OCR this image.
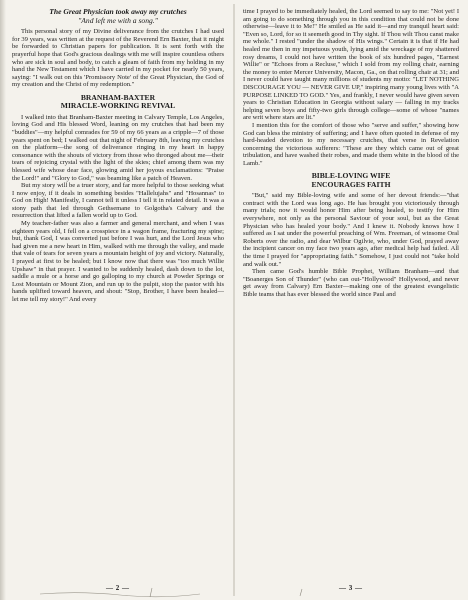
The Great Physician took away my crutches
"And left me with a song."

This personal story of my Divine deliverance from the crutches I had used for 39 years, was written at the request of the Reverend Ern Baxter, that it might be forwarded to Christian papers for publication. It is sent forth with the prayerful hope that God's gracious dealings with me will inspire countless others who are sick in soul and body, to catch a gleam of faith from my holding in my hand the New Testament which I have carried in my pocket for nearly 50 years, saying: "I walk out on this 'Promissory Note' of the Great Physician, the God of my creation and the Christ of my redemption."

BRANHAM-BAXTER
MIRACLE-WORKING REVIVAL

I walked into that Branham-Baxter meeting in Calvary Temple, Los Angeles, loving God and His blessed Word, leaning on my crutches that had been my "buddies"—my helpful comrades for 59 of my 66 years as a cripple—7 of those years spent on bed; I walked out that night of February 8th, leaving my crutches on the platform—the song of deliverance ringing in my heart in happy consonance with the shouts of victory from those who thronged about me—their tears of rejoicing crystal with the light of the skies; chief among them was my blessed wife whose dear face, glowing amid her joyous exclamations: "Praise the Lord!" and "Glory to God," was beaming like a patch of Heaven.

But my story will be a truer story, and far more helpful to those seeking what I now enjoy, if it deals in something besides "Hallelujahs" and "Hosannas" to God on High! Manifestly, I cannot tell it unless I tell it in related detail. It was a stony path that led through Gethsemane to Golgotha's Calvary and the resurrection that lifted a fallen world up to God.

My teacher-father was also a farmer and general merchant, and when I was eighteen years old, I fell on a crosspiece in a wagon frame, fracturing my spine; but, thank God, I was converted just before I was hurt, and the Lord Jesus who had given me a new heart in Him, walked with me through the valley, and made that vale of tears for seven years a mountain height of joy and victory. Naturally, I prayed at first to be healed; but I know now that there was "too much Willie Upshaw" in that prayer. I wanted to be suddenly healed, dash down to the lot, saddle a mule or a horse and go galloping to my church at Powder Springs or Lost Mountain or Mount Zion, and run up to the pulpit, stop the pastor with his hands uplifted toward heaven, and shout: "Stop, Brother, I have been healed—let me tell my story!" And every

time I prayed to be immediately healed, the Lord seemed to say to me: "Not yet! I am going to do something through you in this condition that could not be done otherwise—leave it to Me!" He smiled as He said it—and my tranquil heart said: "Even so, Lord, for so it seemeth good in Thy sight. If Thou wilt Thou canst make me whole." I rested "under the shadow of His wings." Certain it is that if He had healed me then in my impetuous youth, lying amid the wreckage of my shattered rosy dreams, I could not have written the book of six hundred pages, "Earnest Willie" or "Echoes from a Recluse," which I sold from my rolling chair, earning the money to enter Mercer University, Macon, Ga., on that rolling chair at 31; and I never could have taught many millions of students my motto: "LET NOTHING DISCOURAGE YOU — NEVER GIVE UP," inspiring many young lives with "A PURPOSE LINKED TO GOD." Yes, and frankly, I never would have given seven years to Christian Education in Georgia without salary — falling in my tracks helping seven boys and fifty-two girls through college—some of whose "names are writ where stars are lit."

I mention this for the comfort of those who "serve and suffer," showing how God can bless the ministry of suffering; and I have often quoted in defense of my hard-headed devotion to my necessary crutches, that verse in Revelation concerning the victorious sufferers: "These are they which came out of great tribulation, and have washed their robes, and made them white in the blood of the Lamb."

BIBLE-LOVING WIFE
ENCOURAGES FAITH

"But," said my Bible-loving wife and some of her devout friends:—"that contract with the Lord was long ago. He has brought you victoriously through many trials; now it would honor Him after being healed, to testify for Him everywhere, not only as the personal Saviour of your soul, but as the Great Physician who has healed your body." And I knew it. Nobody knows how I suffered as I sat under the powerful preaching of Wm. Freeman, of winsome Oral Roberts over the radio, and dear Wilbur Ogilvie, who, under God, prayed away the incipient cancer on my face two years ago, after medical help had failed. All the time I prayed for "appropriating faith." Somehow, I just could not "take hold and walk out."

Then came God's humble Bible Prophet, William Branham—and that "Boanerges Son of Thunder" (who can out-"Hollywood" Hollywood, and never get away from Calvary) Ern Baxter—making one of the greatest evangelistic Bible teams that has ever blessed the world since Paul and

— 2 —	— 3 —
